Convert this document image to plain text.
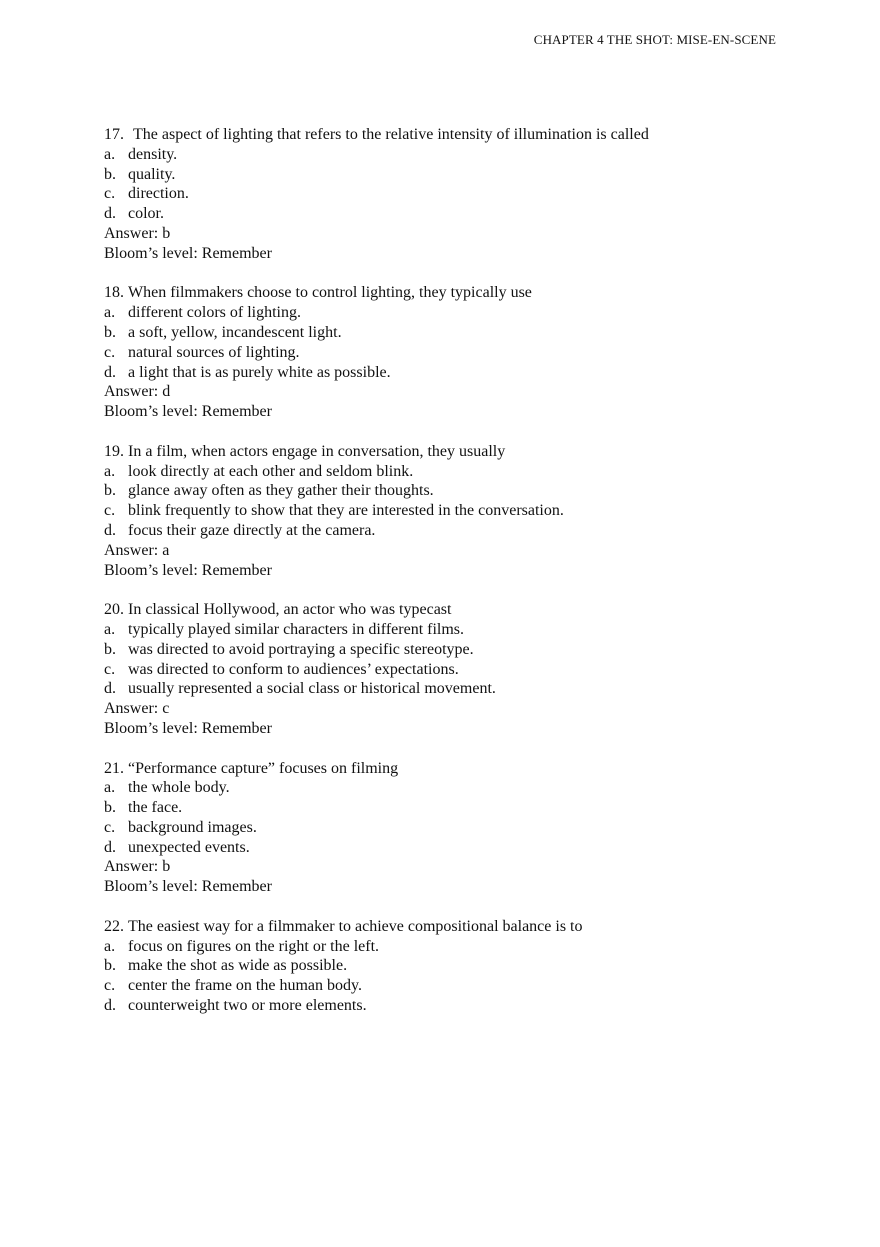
CHAPTER 4 THE SHOT: MISE-EN-SCENE
17. The aspect of lighting that refers to the relative intensity of illumination is called
a. density.
b. quality.
c. direction.
d. color.
Answer: b
Bloom’s level: Remember
18. When filmmakers choose to control lighting, they typically use
a. different colors of lighting.
b. a soft, yellow, incandescent light.
c. natural sources of lighting.
d. a light that is as purely white as possible.
Answer: d
Bloom’s level: Remember
19. In a film, when actors engage in conversation, they usually
a. look directly at each other and seldom blink.
b. glance away often as they gather their thoughts.
c. blink frequently to show that they are interested in the conversation.
d. focus their gaze directly at the camera.
Answer: a
Bloom’s level: Remember
20. In classical Hollywood, an actor who was typecast
a. typically played similar characters in different films.
b. was directed to avoid portraying a specific stereotype.
c. was directed to conform to audiences’ expectations.
d. usually represented a social class or historical movement.
Answer: c
Bloom’s level: Remember
21. “Performance capture” focuses on filming
a. the whole body.
b. the face.
c. background images.
d. unexpected events.
Answer: b
Bloom’s level: Remember
22. The easiest way for a filmmaker to achieve compositional balance is to
a. focus on figures on the right or the left.
b. make the shot as wide as possible.
c. center the frame on the human body.
d. counterweight two or more elements.
